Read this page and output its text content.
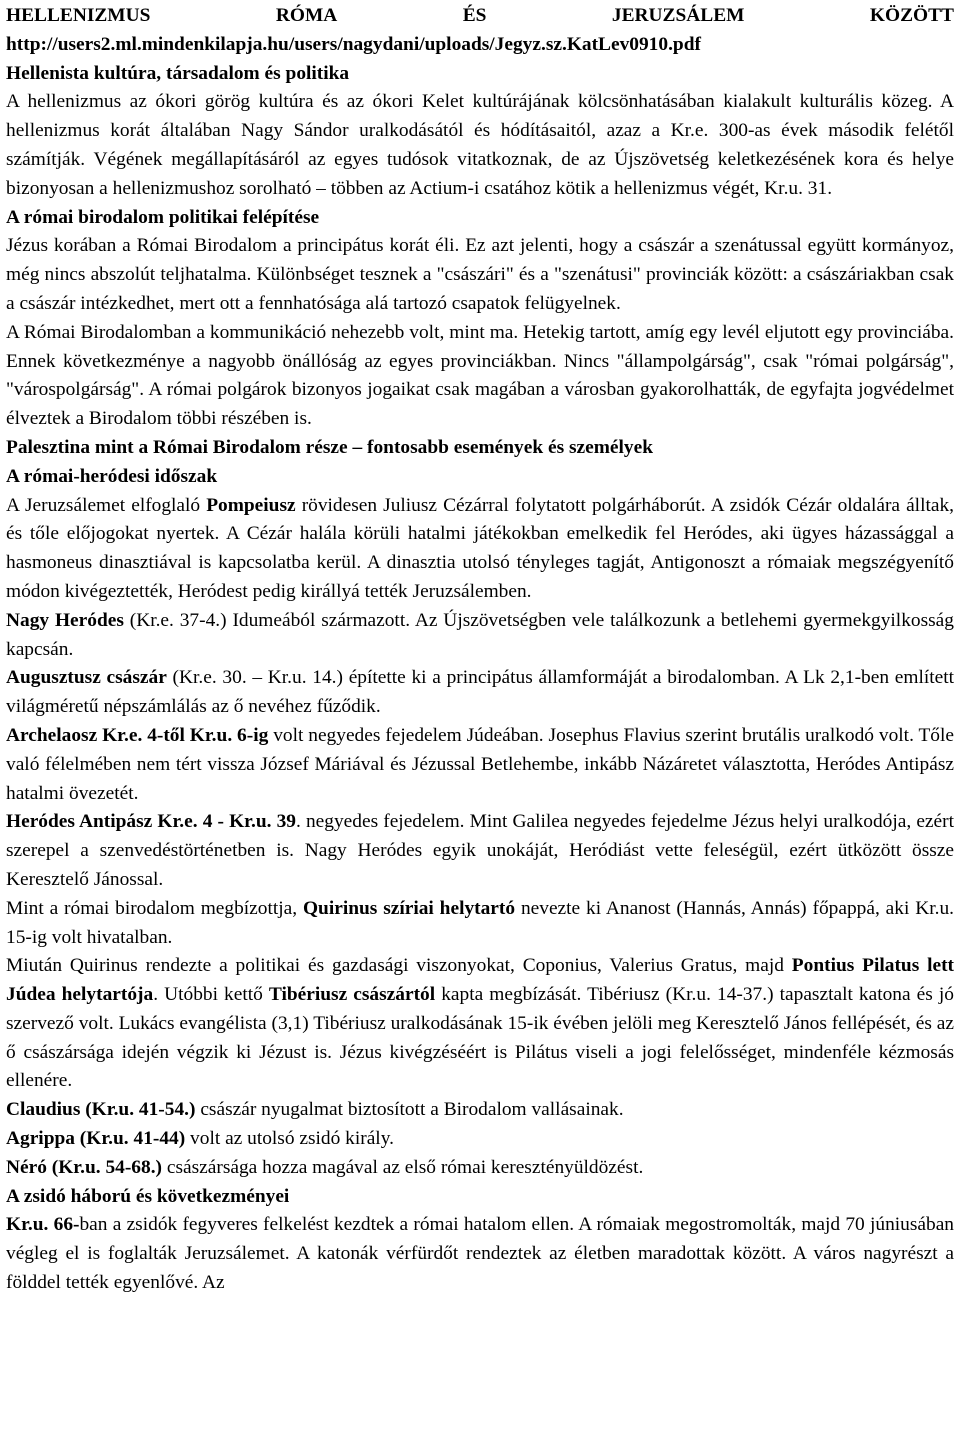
HELLENIZMUS	RÓMA	ÉS	JERUZSÁLEM	KÖZÖTT

http://users2.ml.mindenkilapja.hu/users/nagydani/uploads/Jegyz.sz.KatLev0910.pdf

Hellenista kultúra, társadalom és politika

A hellenizmus az ókori görög kultúra és az ókori Kelet kultúrájának kölcsönhatásában kialakult kulturális közeg. A hellenizmus korát általában Nagy Sándor uralkodásától és hódításaitól, azaz a Kr.e. 300-as évek második felétől számítják. Végének megállapításáról az egyes tudósok vitatkoznak, de az Újszövetség keletkezésének kora és helye bizonyosan a hellenizmushoz sorolható – többen az Actium-i csatához kötik a hellenizmus végét, Kr.u. 31.

A római birodalom politikai felépítése

Jézus korában a Római Birodalom a principátus korát éli. Ez azt jelenti, hogy a császár a szenátussal együtt kormányoz, még nincs abszolút teljhatalma. Különbséget tesznek a "császári" és a "szenátusi" provinciák között: a császáriakban csak a császár intézkedhet, mert ott a fennhatósága alá tartozó csapatok felügyelnek.

A Római Birodalomban a kommunikáció nehezebb volt, mint ma. Hetekig tartott, amíg egy levél eljutott egy provinciába. Ennek következménye a nagyobb önállóság az egyes provinciákban. Nincs "állampolgárság", csak "római polgárság", "várospolgárság". A római polgárok bizonyos jogaikat csak magában a városban gyakorolhatták, de egyfajta jogvédelmet élveztek a Birodalom többi részében is.

Palesztina mint a Római Birodalom része – fontosabb események és személyek

A római-heródesi időszak

A Jeruzsálemet elfoglaló Pompeiusz rövidesen Juliusz Cézárral folytatott polgárháborút. A zsidók Cézár oldalára álltak, és tőle előjogokat nyertek. A Cézár halála körüli hatalmi játékokban emelkedik fel Heródes, aki ügyes házassággal a hasmoneus dinasztiával is kapcsolatba kerül. A dinasztia utolsó tényleges tagját, Antigonoszt a rómaiak megszégyenítő módon kivégeztették, Heródest pedig királlyá tették Jeruzsálemben.

Nagy Heródes (Kr.e. 37-4.) Idumeából származott. Az Újszövetségben vele találkozunk a betlehemi gyermekgyilkosság kapcsán.

Augusztusz császár (Kr.e. 30. – Kr.u. 14.) építette ki a principátus államformáját a birodalomban. A Lk 2,1-ben említett világméretű népszámlálás az ő nevéhez fűződik.

Archelaosz Kr.e. 4-től Kr.u. 6-ig volt negyedes fejedelem Júdeában. Josephus Flavius szerint brutális uralkodó volt. Tőle való félelmében nem tért vissza József Máriával és Jézussal Betlehembe, inkább Názáretet választotta, Heródes Antipász hatalmi övezetét.

Heródes Antipász Kr.e. 4 - Kr.u. 39. negyedes fejedelem. Mint Galilea negyedes fejedelme Jézus helyi uralkodója, ezért szerepel a szenvedéstörténetben is. Nagy Heródes egyik unokáját, Heródiást vette feleségül, ezért ütközött össze Keresztelő Jánossal.

Mint a római birodalom megbízottja, Quirinus szíriai helytartó nevezte ki Ananost (Hannás, Annás) főpappá, aki Kr.u. 15-ig volt hivatalban.

Miután Quirinus rendezte a politikai és gazdasági viszonyokat, Coponius, Valerius Gratus, majd Pontius Pilatus lett Júdea helytartója. Utóbbi kettő Tibériusz császártól kapta megbízását. Tibériusz (Kr.u. 14-37.) tapasztalt katona és jó szervező volt. Lukács evangélista (3,1) Tibériusz uralkodásának 15-ik évében jelöli meg Keresztelő János fellépését, és az ő császársága idején végzik ki Jézust is. Jézus kivégzéséért is Pilátus viseli a jogi felelősséget, mindenféle kézmosás ellenére.

Claudius (Kr.u. 41-54.) császár nyugalmat biztosított a Birodalom vallásainak.

Agrippa (Kr.u. 41-44) volt az utolsó zsidó király.

Néró (Kr.u. 54-68.) császársága hozza magával az első római keresztényüldözést.

A zsidó háború és következményei

Kr.u. 66-ban a zsidók fegyveres felkelést kezdtek a római hatalom ellen. A rómaiak megostromolták, majd 70 júniusában végleg el is foglalták Jeruzsálemet. A katonák vérfürdőt rendeztek az életben maradottak között. A város nagyrészt a földdel tették egyenlővé. Az
